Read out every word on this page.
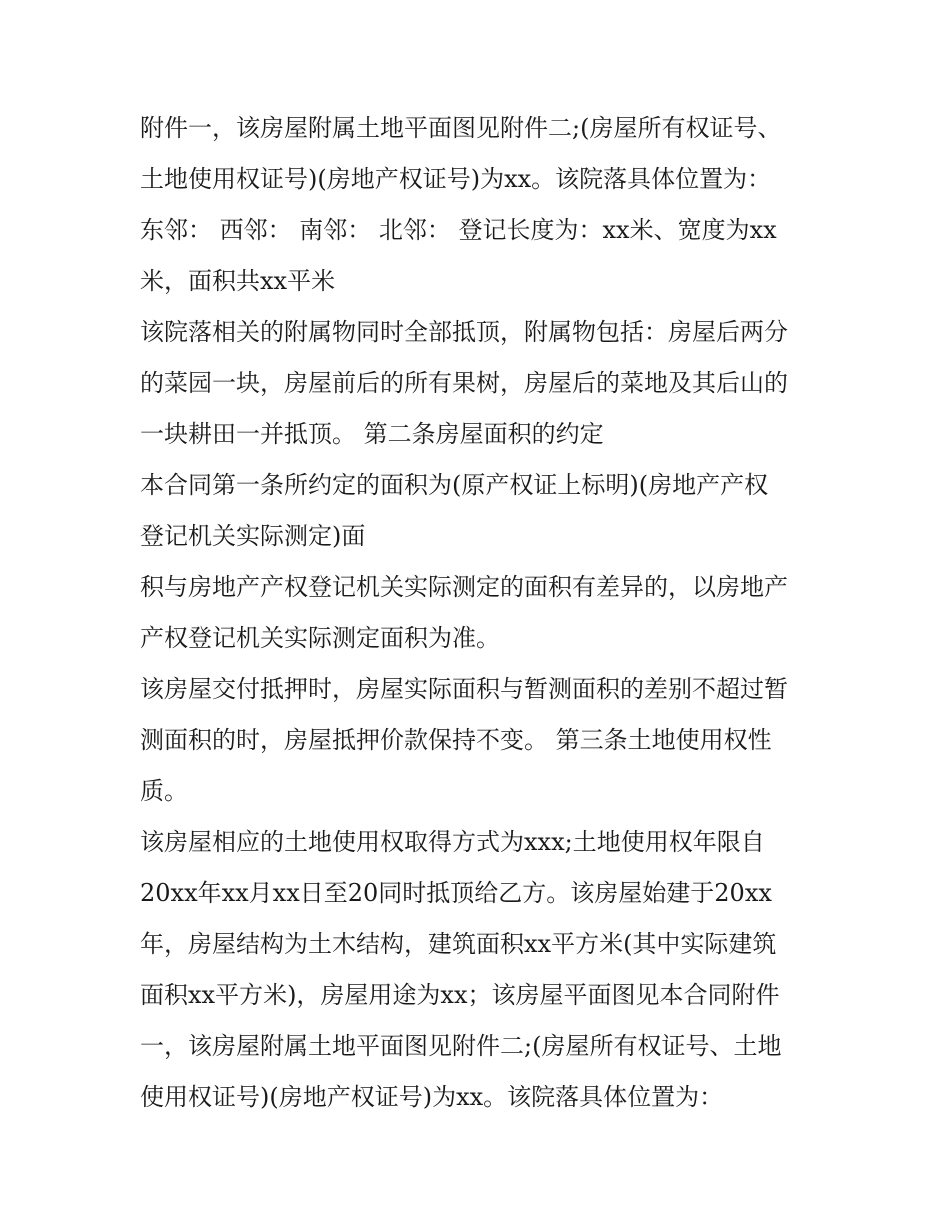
附件一，该房屋附属土地平面图见附件二;(房屋所有权证号、
土地使用权证号)(房地产权证号)为xx。该院落具体位置为：
东邻： 西邻： 南邻： 北邻： 登记长度为：xx米、宽度为xx
米，面积共xx平米
该院落相关的附属物同时全部抵顶，附属物包括：房屋后两分
的菜园一块，房屋前后的所有果树，房屋后的菜地及其后山的
一块耕田一并抵顶。 第二条房屋面积的约定
本合同第一条所约定的面积为(原产权证上标明)(房地产产权
登记机关实际测定)面
积与房地产产权登记机关实际测定的面积有差异的，以房地产
产权登记机关实际测定面积为准。
该房屋交付抵押时，房屋实际面积与暂测面积的差别不超过暂
测面积的时，房屋抵押价款保持不变。 第三条土地使用权性
质。
该房屋相应的土地使用权取得方式为xxx;土地使用权年限自
20xx年xx月xx日至20同时抵顶给乙方。该房屋始建于20xx
年，房屋结构为土木结构，建筑面积xx平方米(其中实际建筑
面积xx平方米)，房屋用途为xx；该房屋平面图见本合同附件
一，该房屋附属土地平面图见附件二;(房屋所有权证号、土地
使用权证号)(房地产权证号)为xx。该院落具体位置为：
